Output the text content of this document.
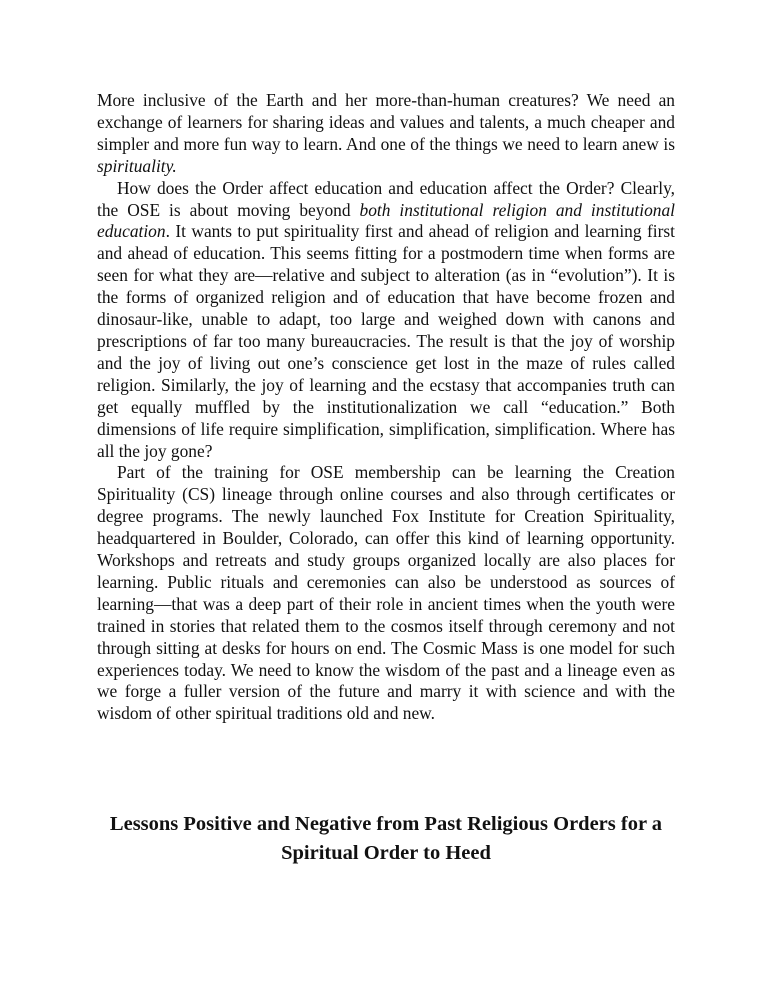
More inclusive of the Earth and her more-than-human creatures? We need an exchange of learners for sharing ideas and values and talents, a much cheaper and simpler and more fun way to learn. And one of the things we need to learn anew is spirituality.

How does the Order affect education and education affect the Order? Clearly, the OSE is about moving beyond both institutional religion and institutional education. It wants to put spirituality first and ahead of religion and learning first and ahead of education. This seems fitting for a postmodern time when forms are seen for what they are—relative and subject to alteration (as in “evolution”). It is the forms of organized religion and of education that have become frozen and dinosaur-like, unable to adapt, too large and weighed down with canons and prescriptions of far too many bureaucracies. The result is that the joy of worship and the joy of living out one’s conscience get lost in the maze of rules called religion. Similarly, the joy of learning and the ecstasy that accompanies truth can get equally muffled by the institutionalization we call “education.” Both dimensions of life require simplification, simplification, simplification. Where has all the joy gone?

Part of the training for OSE membership can be learning the Creation Spirituality (CS) lineage through online courses and also through certificates or degree programs. The newly launched Fox Institute for Creation Spirituality, headquartered in Boulder, Colorado, can offer this kind of learning opportunity. Workshops and retreats and study groups organized locally are also places for learning. Public rituals and ceremonies can also be understood as sources of learning—that was a deep part of their role in ancient times when the youth were trained in stories that related them to the cosmos itself through ceremony and not through sitting at desks for hours on end. The Cosmic Mass is one model for such experiences today. We need to know the wisdom of the past and a lineage even as we forge a fuller version of the future and marry it with science and with the wisdom of other spiritual traditions old and new.

Lessons Positive and Negative from Past Religious Orders for a
Spiritual Order to Heed
